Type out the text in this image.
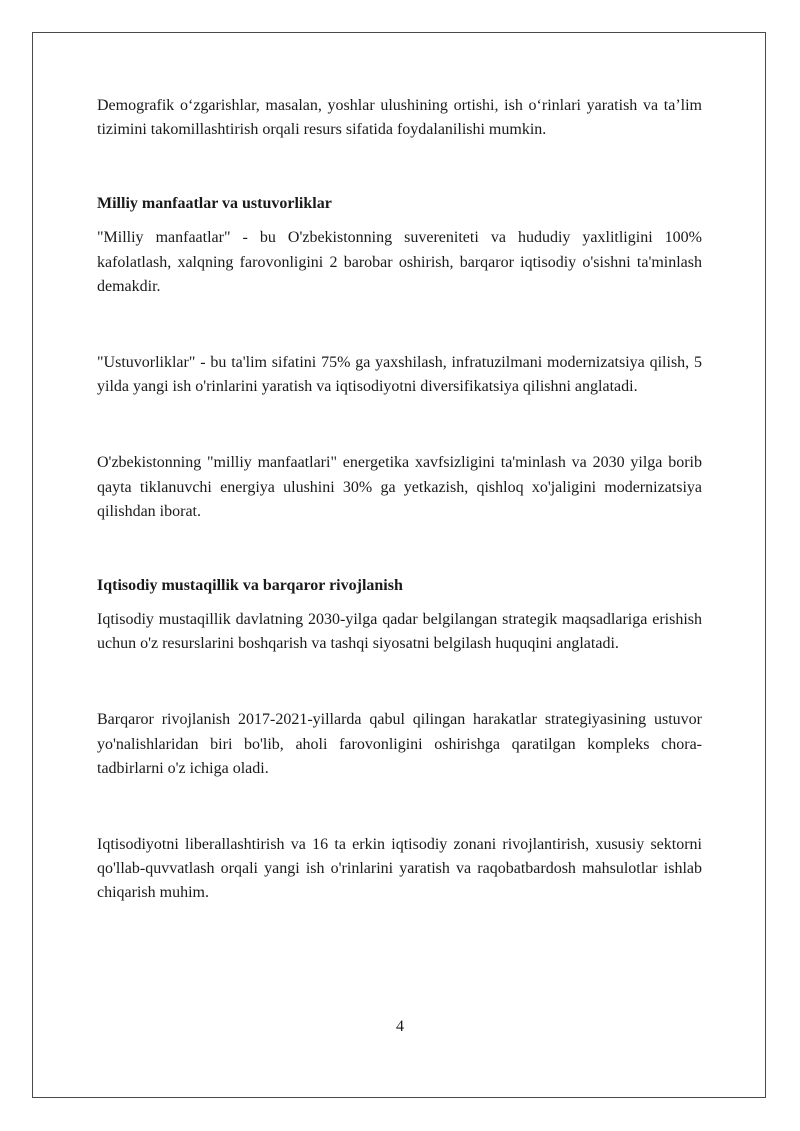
Demografik o‘zgarishlar, masalan, yoshlar ulushining ortishi, ish o‘rinlari yaratish va ta’lim tizimini takomillashtirish orqali resurs sifatida foydalanilishi mumkin.

Milliy manfaatlar va ustuvorliklar

"Milliy manfaatlar" - bu O'zbekistonning suvereniteti va hududiy yaxlitligini 100% kafolatlash, xalqning farovonligini 2 barobar oshirish, barqaror iqtisodiy o'sishni ta'minlash demakdir.

"Ustuvorliklar" - bu ta'lim sifatini 75% ga yaxshilash, infratuzilmani modernizatsiya qilish, 5 yilda yangi ish o'rinlarini yaratish va iqtisodiyotni diversifikatsiya qilishni anglatadi.

O'zbekistonning "milliy manfaatlari" energetika xavfsizligini ta'minlash va 2030 yilga borib qayta tiklanuvchi energiya ulushini 30% ga yetkazish, qishloq xo'jaligini modernizatsiya qilishdan iborat.

Iqtisodiy mustaqillik va barqaror rivojlanish

Iqtisodiy mustaqillik davlatning 2030-yilga qadar belgilangan strategik maqsadlariga erishish uchun o'z resurslarini boshqarish va tashqi siyosatni belgilash huquqini anglatadi.

Barqaror rivojlanish 2017-2021-yillarda qabul qilingan harakatlar strategiyasining ustuvor yo'nalishlaridan biri bo'lib, aholi farovonligini oshirishga qaratilgan kompleks chora-tadbirlarni o'z ichiga oladi.

Iqtisodiyotni liberallashtirish va 16 ta erkin iqtisodiy zonani rivojlantirish, xususiy sektorni qo'llab-quvvatlash orqali yangi ish o'rinlarini yaratish va raqobatbardosh mahsulotlar ishlab chiqarish muhim.

4
